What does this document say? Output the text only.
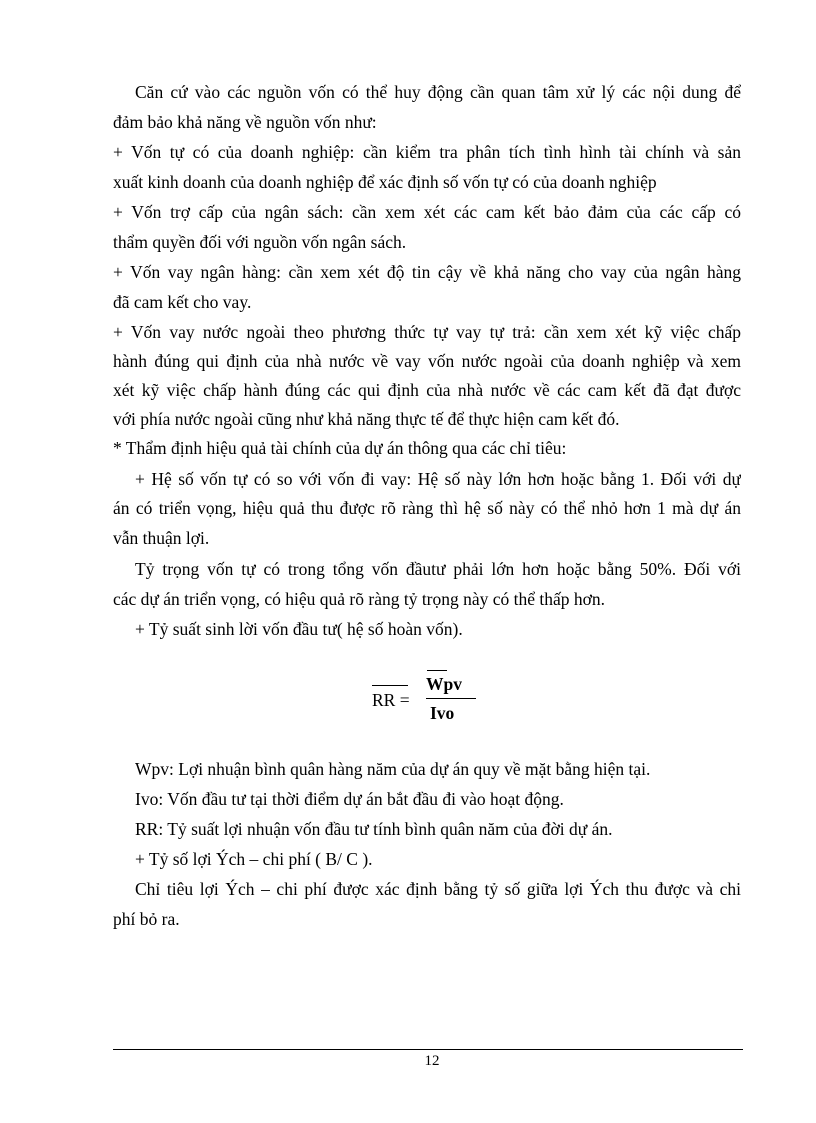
Căn cứ vào các nguồn vốn có thể huy động cần quan tâm xử lý các nội dung để
đảm bảo khả năng về nguồn vốn như:
+ Vốn tự có của doanh nghiệp: cần kiểm tra phân tích tình hình tài chính và sản
xuất kinh doanh của doanh nghiệp để xác định số vốn tự có của doanh nghiệp
+ Vốn trợ cấp của ngân sách: cần xem xét các cam kết bảo đảm của các cấp có
thẩm quyền đối với nguồn vốn ngân sách.
+ Vốn vay ngân hàng: cần xem xét độ tin cậy về khả năng cho vay của ngân hàng
đã cam kết cho vay.
+ Vốn vay nước ngoài theo phương thức tự vay tự trả: cần xem xét kỹ việc chấp
hành đúng qui định của nhà nước về vay vốn nước ngoài của doanh nghiệp và xem
xét kỹ việc chấp hành đúng các qui định của nhà nước về các cam kết đã đạt được
với phía nước ngoài cũng như khả năng thực tế để thực hiện cam kết đó.
* Thẩm định hiệu quả tài chính của dự án thông qua các chỉ tiêu:
+ Hệ số vốn tự có so với vốn đi vay: Hệ số này lớn hơn hoặc bằng 1. Đối với dự
án có triển vọng, hiệu quả thu được rõ ràng thì hệ số này có thể nhỏ hơn 1 mà dự án
vẫn thuận lợi.
Tỷ trọng vốn tự có trong tổng vốn đầutư phải lớn hơn hoặc bằng 50%. Đối với
các dự án triển vọng, có hiệu quả rõ ràng tỷ trọng này có thể thấp hơn.
+ Tỷ suất sinh lời vốn đầu tư( hệ số hoàn vốn).
RR =
Wpv
Ivo
Wpv: Lợi nhuận bình quân hàng năm của dự án quy về mặt bằng hiện tại.
Ivo: Vốn đầu tư tại thời điểm dự án bắt đầu đi vào hoạt động.
RR: Tỷ suất lợi nhuận vốn đầu tư tính bình quân năm của đời dự án.
+ Tỷ số lợi Ých – chi phí ( B/ C ).
Chỉ tiêu lợi Ých – chi phí được xác định bằng tỷ số giữa lợi Ých thu được và chi
phí bỏ ra.
12
